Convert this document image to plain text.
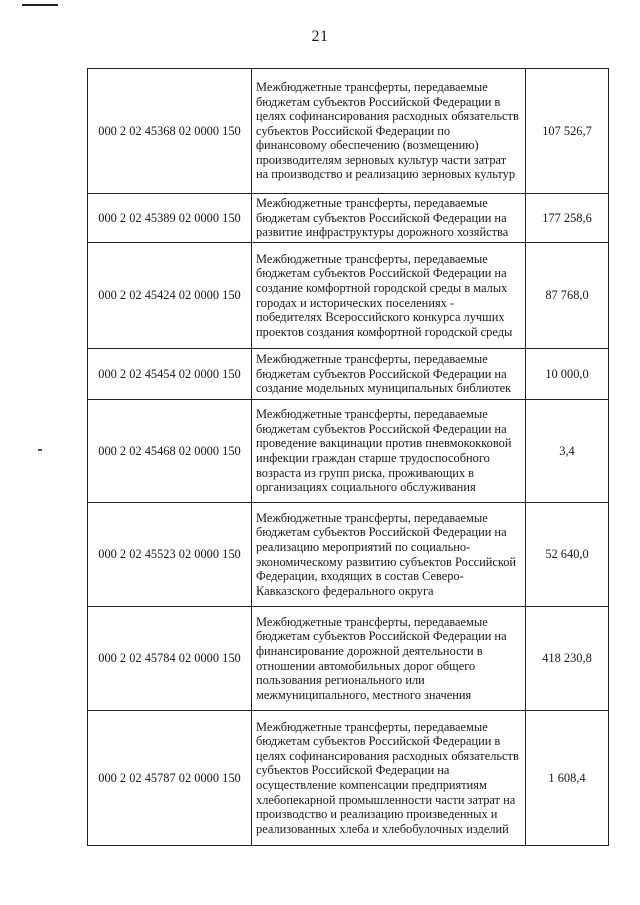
21
000 2 02 45368 02 0000 150	Межбюджетные трансферты, передаваемые бюджетам субъектов Российской Федерации в целях софинансирования расходных обязательств субъектов Российской Федерации по финансовому обеспечению (возмещению) производителям зерновых культур части затрат на производство и реализацию зерновых культур	107 526,7
000 2 02 45389 02 0000 150	Межбюджетные трансферты, передаваемые бюджетам субъектов Российской Федерации на развитие инфраструктуры дорожного хозяйства	177 258,6
000 2 02 45424 02 0000 150	Межбюджетные трансферты, передаваемые бюджетам субъектов Российской Федерации на создание комфортной городской среды в малых городах и исторических поселениях - победителях Всероссийского конкурса лучших проектов создания комфортной городской среды	87 768,0
000 2 02 45454 02 0000 150	Межбюджетные трансферты, передаваемые бюджетам субъектов Российской Федерации на создание модельных муниципальных библиотек	10 000,0
000 2 02 45468 02 0000 150	Межбюджетные трансферты, передаваемые бюджетам субъектов Российской Федерации на проведение вакцинации против пневмококковой инфекции граждан старше трудоспособного возраста из групп риска, проживающих в организациях социального обслуживания	3,4
000 2 02 45523 02 0000 150	Межбюджетные трансферты, передаваемые бюджетам субъектов Российской Федерации на реализацию мероприятий по социально-экономическому развитию субъектов Российской Федерации, входящих в состав Северо-Кавказского федерального округа	52 640,0
000 2 02 45784 02 0000 150	Межбюджетные трансферты, передаваемые бюджетам субъектов Российской Федерации на финансирование дорожной деятельности в отношении автомобильных дорог общего пользования регионального или межмуниципального, местного значения	418 230,8
000 2 02 45787 02 0000 150	Межбюджетные трансферты, передаваемые бюджетам субъектов Российской Федерации в целях софинансирования расходных обязательств субъектов Российской Федерации на осуществление компенсации предприятиям хлебопекарной промышленности части затрат на производство и реализацию произведенных и реализованных хлеба и хлебобулочных изделий	1 608,4
